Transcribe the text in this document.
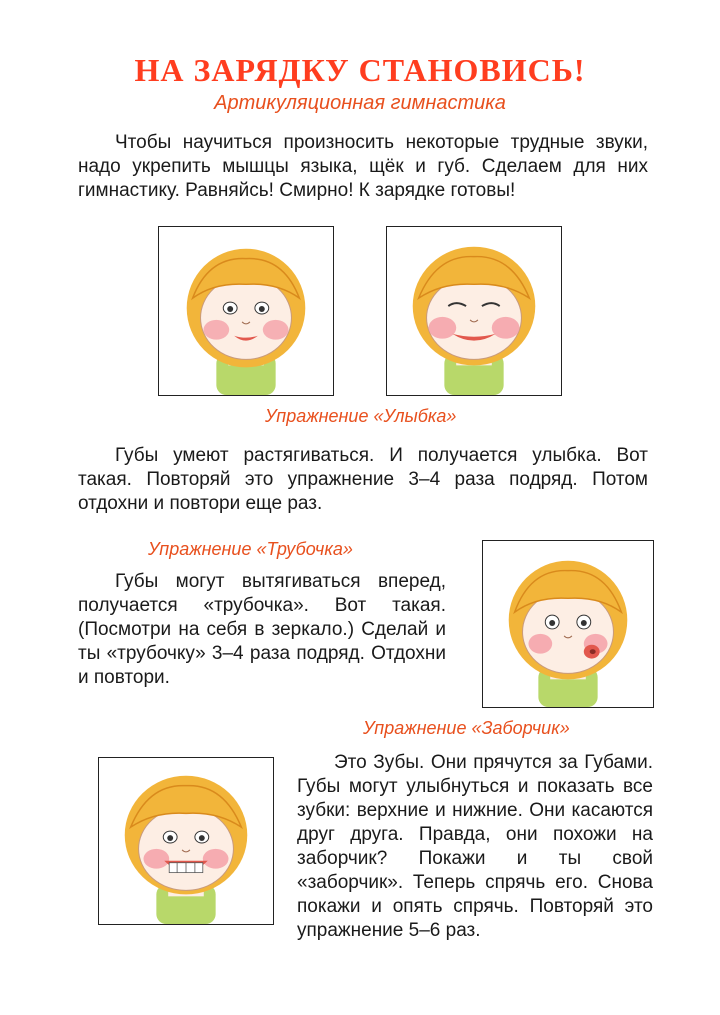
НА ЗАРЯДКУ СТАНОВИСЬ!
Артикуляционная гимнастика
Чтобы научиться произносить некоторые трудные звуки, надо укрепить мышцы языка, щёк и губ. Сделаем для них гимнастику. Равняйсь! Смирно! К зарядке готовы!
Упражнение «Улыбка»
Губы умеют растягиваться. И получается улыбка. Вот такая. Повторяй это упражнение 3–4 раза подряд. Потом отдохни и повтори еще раз.
Упражнение «Трубочка»
Губы могут вытягиваться вперед, получается «трубочка». Вот такая. (Посмотри на себя в зеркало.) Сделай и ты «трубочку» 3–4 раза подряд. Отдохни и повтори.
Упражнение «Заборчик»
Это Зубы. Они прячутся за Губами. Губы могут улыбнуться и показать все зубки: верхние и нижние. Они касаются друг друга. Правда, они похожи на заборчик? Покажи и ты свой «заборчик». Теперь спрячь его. Снова покажи и опять спрячь. Повторяй это упражнение 5–6 раз.
